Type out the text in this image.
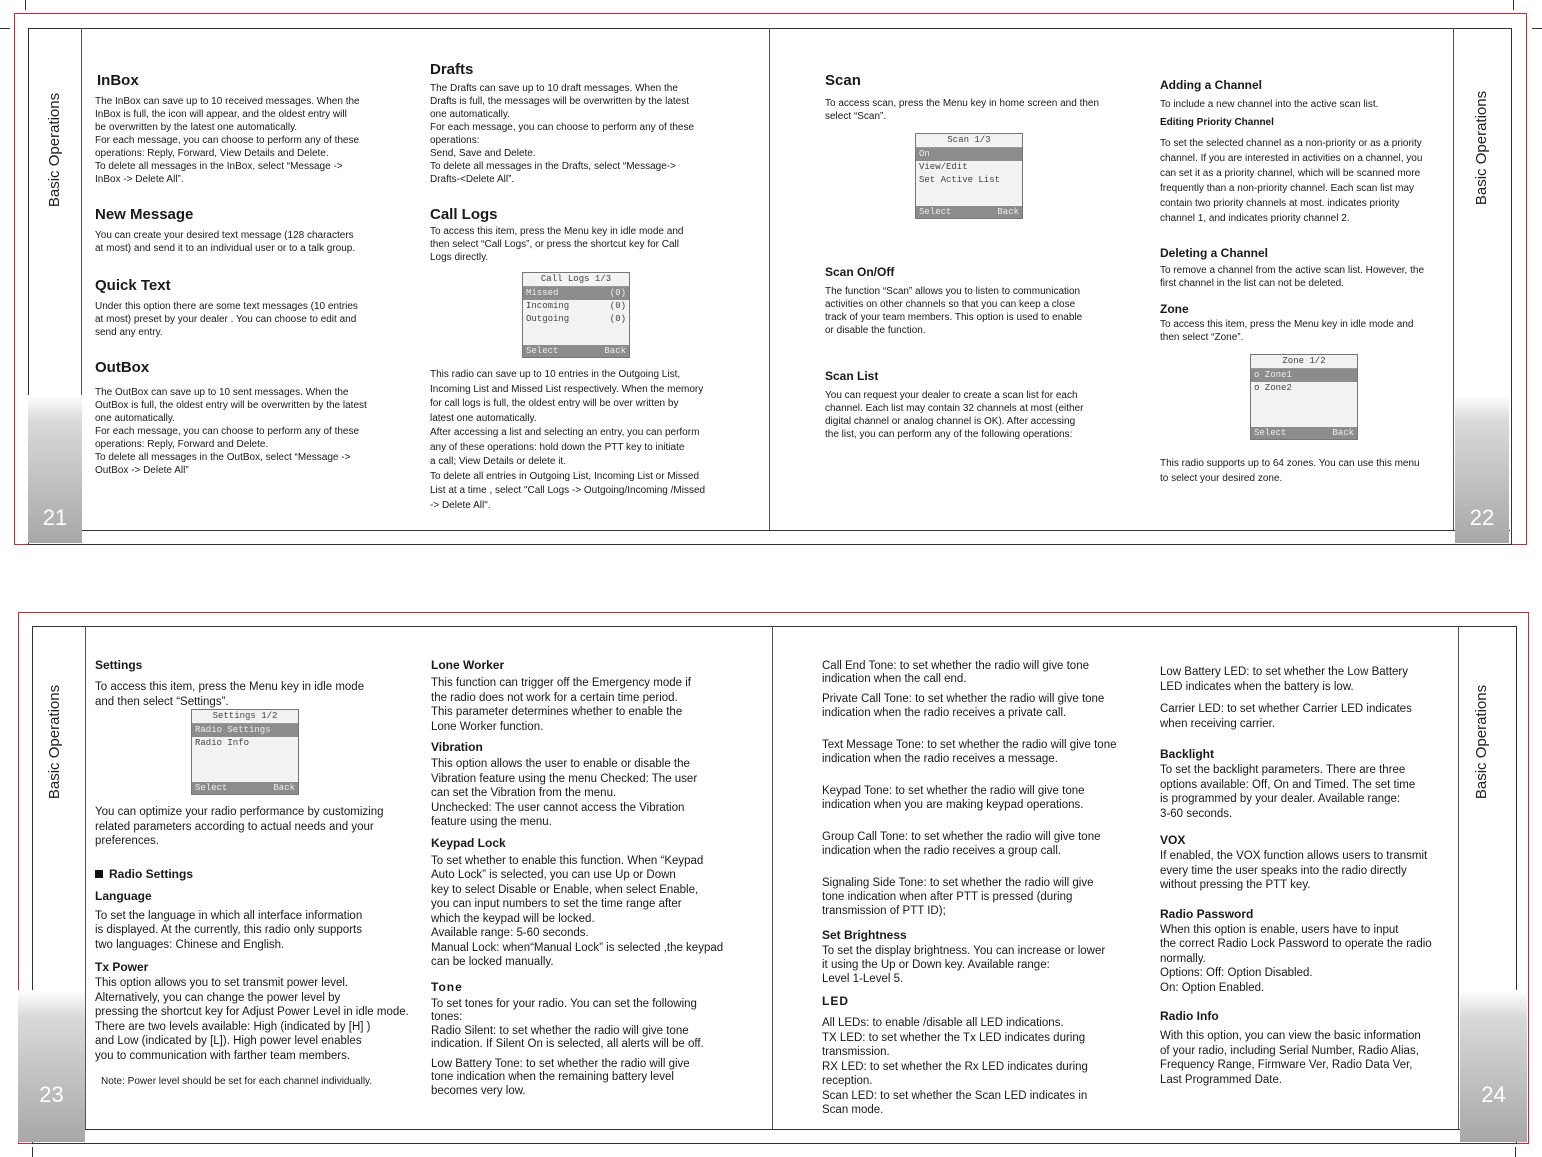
21
Basic Operations
22
Basic Operations

InBox

The InBox can save up to 10 received messages. When the
InBox is full, the icon will appear, and the oldest entry will
be overwritten by the latest one automatically.
For each message, you can choose to perform any of these
operations: Reply, Forward, View Details and Delete.
To delete all messages in the InBox, select “Message ->
InBox -> Delete All”.

New Message

You can create your desired text message (128 characters
at most) and send it to an individual user or to a talk group.

Quick Text

Under this option there are some text messages (10 entries
at most) preset by your dealer . You can choose to edit and
send any entry.

OutBox

The OutBox can save up to 10 sent messages. When the
OutBox is full, the oldest entry will be overwritten by the latest
one automatically.
For each message, you can choose to perform any of these
operations: Reply, Forward and Delete.
To delete all messages in the OutBox, select “Message ->
OutBox -> Delete All”

Drafts

The Drafts can save up to 10 draft messages. When the
Drafts is full, the messages will be overwritten by the latest
one automatically.
For each message, you can choose to perform any of these
operations:
Send, Save and Delete.
To delete all messages in the Drafts, select “Message->
Drafts-<Delete All”.

Call Logs

To access this item, press the Menu key in idle mode and
then select “Call Logs”, or press the shortcut key for Call
Logs directly.

Call Logs 1/3
Missed	(0)
Incoming	(0)
Outgoing	(0)
Select	Back

This radio can save up to 10 entries in the Outgoing List,
Incoming List and Missed List respectively. When the memory
for call logs is full, the oldest entry will be over written by
latest one automatically.
After accessing a list and selecting an entry, you can perform
any of these operations: hold down the PTT key to initiate
a call; View Details or delete it.
To delete all entries in Outgoing List, Incoming List or Missed
List at a time , select "Call Logs -> Outgoing/Incoming /Missed
-> Delete All".

Scan

To access scan, press the Menu key in home screen and then
select “Scan”.

Scan 1/3
On
View/Edit
Set Active List
Select	Back

Scan On/Off

The function “Scan” allows you to listen to communication
activities on other channels so that you can keep a close
track of your team members. This option is used to enable
or disable the function.

Scan List

You can request your dealer to create a scan list for each
channel. Each list may contain 32 channels at most (either
digital channel or analog channel is OK). After accessing
the list, you can perform any of the following operations:

Adding a Channel

To include a new channel into the active scan list.

Editing Priority Channel

To set the selected channel as a non-priority or as a priority
channel. If you are interested in activities on a channel, you
can set it as a priority channel, which will be scanned more
frequently than a non-priority channel. Each scan list may
contain two priority channels at most. indicates priority
channel 1, and indicates priority channel 2.

Deleting a Channel

To remove a channel from the active scan list. However, the
first channel in the list can not be deleted.

Zone

To access this item, press the Menu key in idle mode and
then select “Zone”.

Zone 1/2
o Zone1
o Zone2
Select	Back

This radio supports up to 64 zones. You can use this menu
to select your desired zone.

23
Basic Operations
24
Basic Operations

Settings

To access this item, press the Menu key in idle mode
and then select “Settings”.

Settings 1/2
Radio Settings
Radio Info
Select	Back

You can optimize your radio performance by customizing
related parameters according to actual needs and your
preferences.

Radio Settings

Language

To set the language in which all interface information
is displayed. At the currently, this radio only supports
two languages: Chinese and English.

Tx Power

This option allows you to set transmit power level.
Alternatively, you can change the power level by
pressing the shortcut key for Adjust Power Level in idle mode.
There are two levels available: High (indicated by [H] )
and Low (indicated by [L]). High power level enables
you to communication with farther team members.

Note: Power level should be set for each channel individually.

Lone Worker

This function can trigger off the Emergency mode if
the radio does not work for a certain time period.
This parameter determines whether to enable the
Lone Worker function.

Vibration

This option allows the user to enable or disable the
Vibration feature using the menu Checked: The user
can set the Vibration from the menu.
Unchecked: The user cannot access the Vibration
feature using the menu.

Keypad Lock

To set whether to enable this function. When “Keypad
Auto Lock” is selected, you can use Up or Down
key to select Disable or Enable, when select Enable,
you can input numbers to set the time range after
which the keypad will be locked.
Available range: 5-60 seconds.
Manual Lock: when“Manual Lock” is selected ,the keypad
can be locked manually.

Tone

To set tones for your radio. You can set the following
tones:
Radio Silent: to set whether the radio will give tone
indication. If Silent On is selected, all alerts will be off.

Low Battery Tone: to set whether the radio will give
tone indication when the remaining battery level
becomes very low.

Call End Tone: to set whether the radio will give tone
indication when the call end.

Private Call Tone: to set whether the radio will give tone
indication when the radio receives a private call.

Text Message Tone: to set whether the radio will give tone
indication when the radio receives a message.

Keypad Tone: to set whether the radio will give tone
indication when you are making keypad operations.

Group Call Tone: to set whether the radio will give tone
indication when the radio receives a group call.

Signaling Side Tone: to set whether the radio will give
tone indication when after PTT is pressed (during
transmission of PTT ID);

Set Brightness

To set the display brightness. You can increase or lower
it using the Up or Down key. Available range:
Level 1-Level 5.

LED

All LEDs: to enable /disable all LED indications.
TX LED: to set whether the Tx LED indicates during
transmission.
RX LED: to set whether the Rx LED indicates during
reception.
Scan LED: to set whether the Scan LED indicates in
Scan mode.

Low Battery LED: to set whether the Low Battery
LED indicates when the battery is low.

Carrier LED: to set whether Carrier LED indicates
when receiving carrier.

Backlight

To set the backlight parameters. There are three
options available: Off, On and Timed. The set time
is programmed by your dealer. Available range:
3-60 seconds.

VOX

If enabled, the VOX function allows users to transmit
every time the user speaks into the radio directly
without pressing the PTT key.

Radio Password

When this option is enable, users have to input
the correct Radio Lock Password to operate the radio
normally.
Options: Off: Option Disabled.
On: Option Enabled.

Radio Info

With this option, you can view the basic information
of your radio, including Serial Number, Radio Alias,
Frequency Range, Firmware Ver, Radio Data Ver,
Last Programmed Date.
